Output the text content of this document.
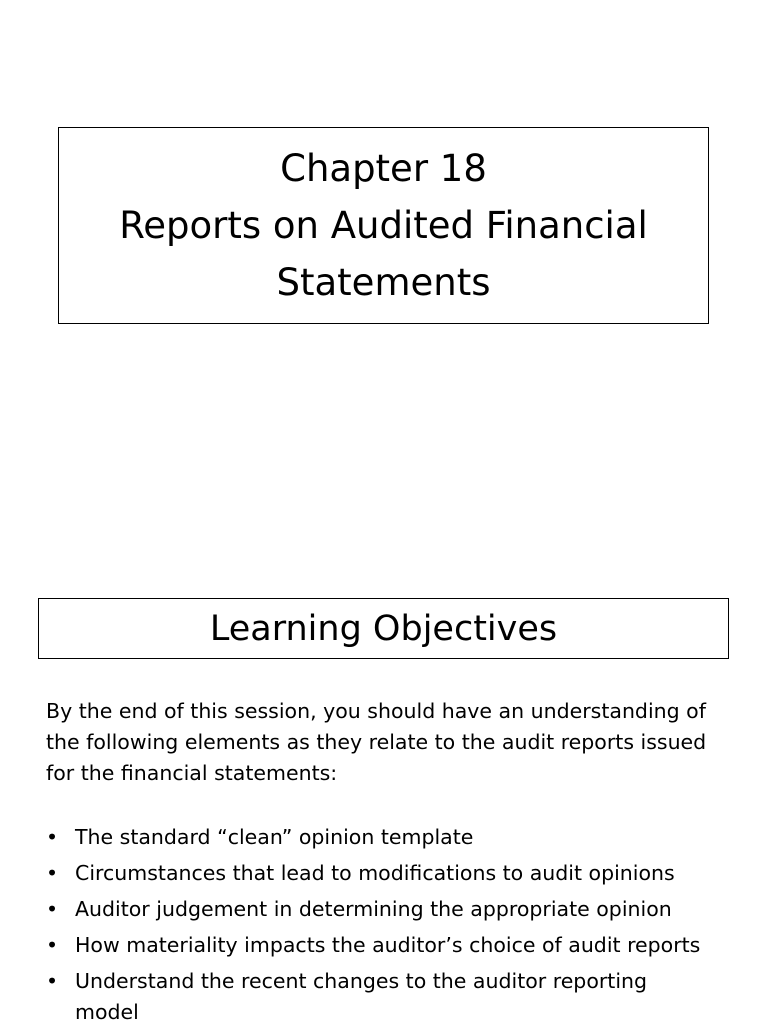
Chapter 18
Reports on Audited Financial
Statements
Learning Objectives
By the end of this session, you should have an understanding of
the following elements as they relate to the audit reports issued
for the financial statements:
• The standard “clean” opinion template
• Circumstances that lead to modifications to audit opinions
• Auditor judgement in determining the appropriate opinion
• How materiality impacts the auditor’s choice of audit reports
• Understand the recent changes to the auditor reporting
model
